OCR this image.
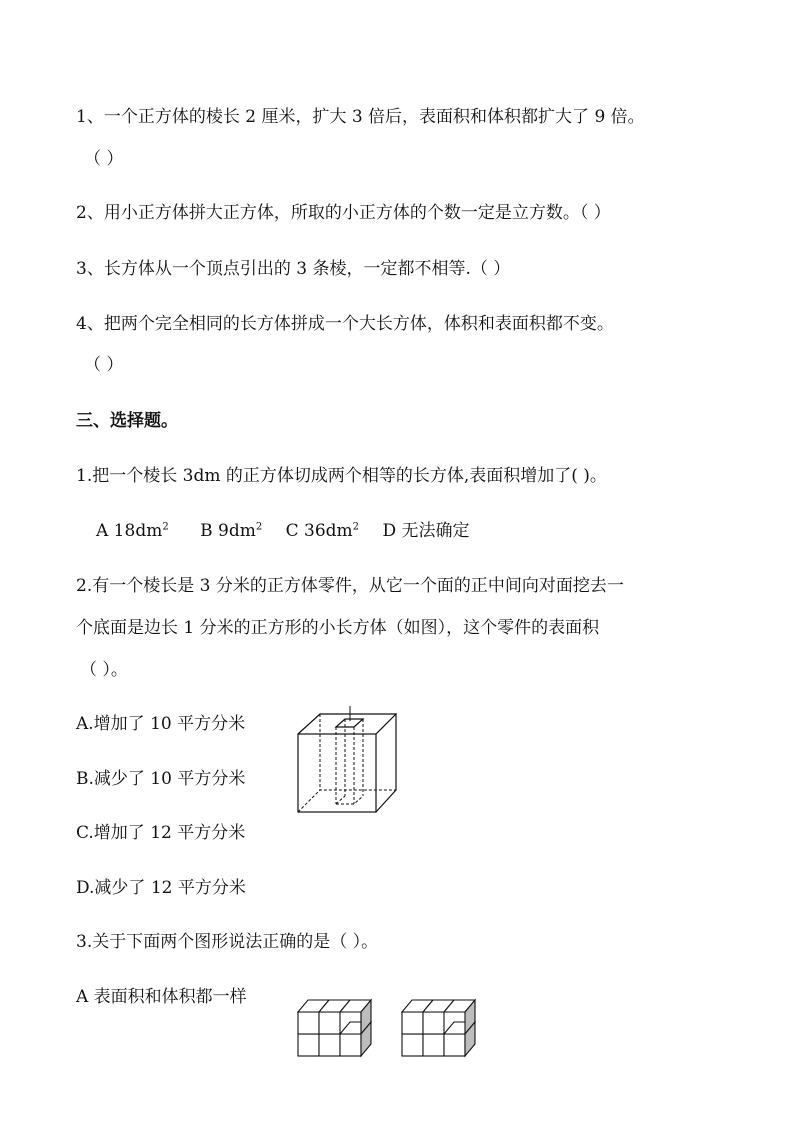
1、一个正方体的棱长 2 厘米，扩大 3 倍后，表面积和体积都扩大了 9 倍。
（ ）
2、用小正方体拼大正方体，所取的小正方体的个数一定是立方数。（ ）
3、长方体从一个顶点引出的 3 条棱，一定都不相等.（ ）
4、把两个完全相同的长方体拼成一个大长方体，体积和表面积都不变。
（ ）
三、选择题。
1.把一个棱长 3dm 的正方体切成两个相等的长方体,表面积增加了( )。
A $18dm^2$ B $9dm^2$ C $36dm^2$ D 无法确定
2.有一个棱长是 3 分米的正方体零件，从它一个面的正中间向对面挖去一
个底面是边长 1 分米的正方形的小长方体（如图），这个零件的表面积
（ ）。
A.增加了 10 平方分米
B.减少了 10 平方分米
C.增加了 12 平方分米
D.减少了 12 平方分米
3.关于下面两个图形说法正确的是（ ）。
A 表面积和体积都一样
